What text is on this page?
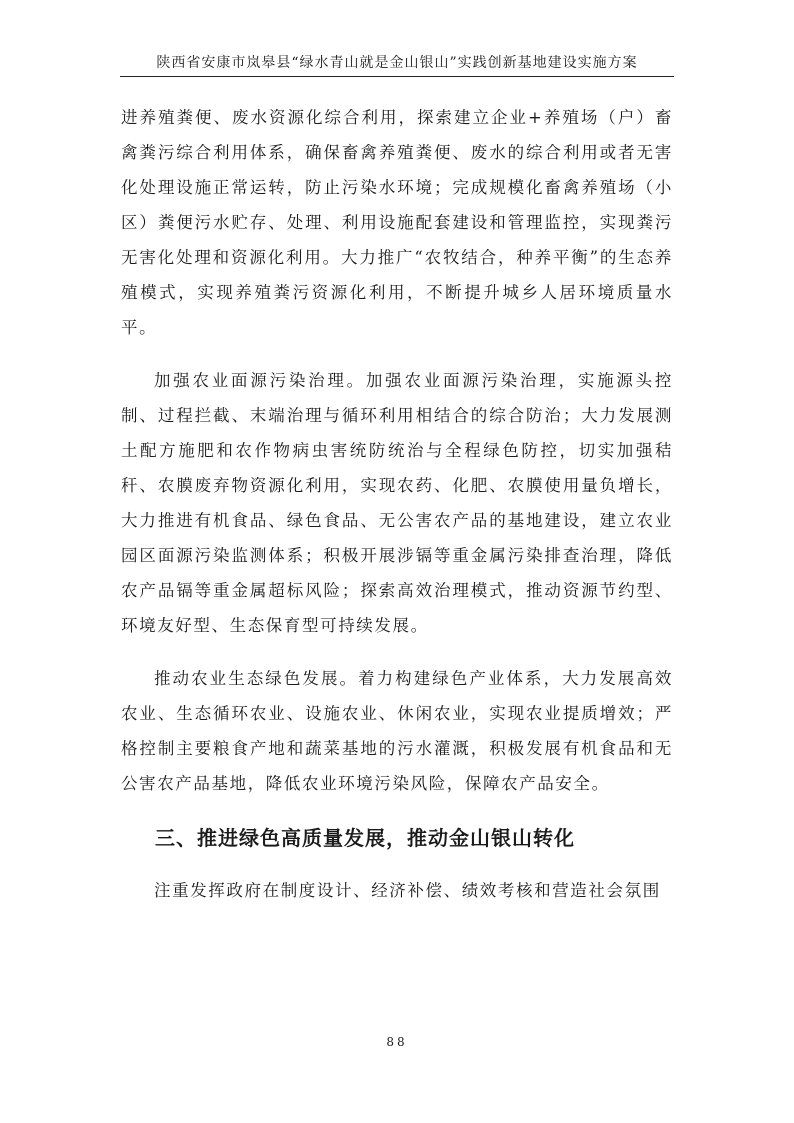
陕西省安康市岚皋县“绿水青山就是金山银山”实践创新基地建设实施方案

进养殖粪便、废水资源化综合利用，探索建立企业+养殖场（户）畜禽粪污综合利用体系，确保畜禽养殖粪便、废水的综合利用或者无害化处理设施正常运转，防止污染水环境；完成规模化畜禽养殖场（小区）粪便污水贮存、处理、利用设施配套建设和管理监控，实现粪污无害化处理和资源化利用。大力推广“农牧结合，种养平衡”的生态养殖模式，实现养殖粪污资源化利用，不断提升城乡人居环境质量水平。

加强农业面源污染治理。加强农业面源污染治理，实施源头控制、过程拦截、末端治理与循环利用相结合的综合防治；大力发展测土配方施肥和农作物病虫害统防统治与全程绿色防控，切实加强秸秆、农膜废弃物资源化利用，实现农药、化肥、农膜使用量负增长，大力推进有机食品、绿色食品、无公害农产品的基地建设，建立农业园区面源污染监测体系；积极开展涉镉等重金属污染排查治理，降低农产品镉等重金属超标风险；探索高效治理模式，推动资源节约型、环境友好型、生态保育型可持续发展。

推动农业生态绿色发展。着力构建绿色产业体系，大力发展高效农业、生态循环农业、设施农业、休闲农业，实现农业提质增效；严格控制主要粮食产地和蔬菜基地的污水灌溉，积极发展有机食品和无公害农产品基地，降低农业环境污染风险，保障农产品安全。

三、推进绿色高质量发展，推动金山银山转化

注重发挥政府在制度设计、经济补偿、绩效考核和营造社会氛围

88
